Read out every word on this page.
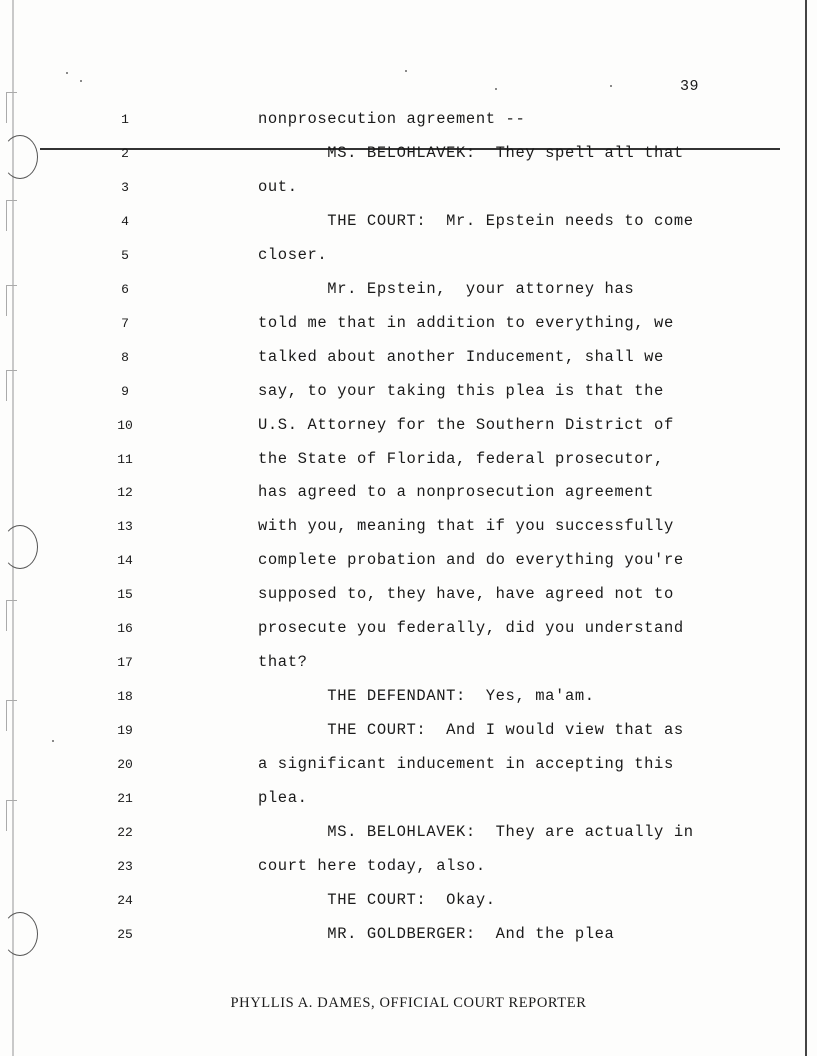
39
1	nonprosecution agreement --
2	MS. BELOHLAVEK:  They spell all that
3	out.
4	THE COURT:  Mr. Epstein needs to come
5	closer.
6	Mr. Epstein,  your attorney has
7	told me that in addition to everything, we
8	talked about another Inducement, shall we
9	say, to your taking this plea is that the
10	U.S. Attorney for the Southern District of
11	the State of Florida, federal prosecutor,
12	has agreed to a nonprosecution agreement
13	with you, meaning that if you successfully
14	complete probation and do everything you're
15	supposed to, they have, have agreed not to
16	prosecute you federally, did you understand
17	that?
18	THE DEFENDANT:  Yes, ma'am.
19	THE COURT:  And I would view that as
20	a significant inducement in accepting this
21	plea.
22	MS. BELOHLAVEK:  They are actually in
23	court here today, also.
24	THE COURT:  Okay.
25	MR. GOLDBERGER:  And the plea
PHYLLIS A. DAMES, OFFICIAL COURT REPORTER
